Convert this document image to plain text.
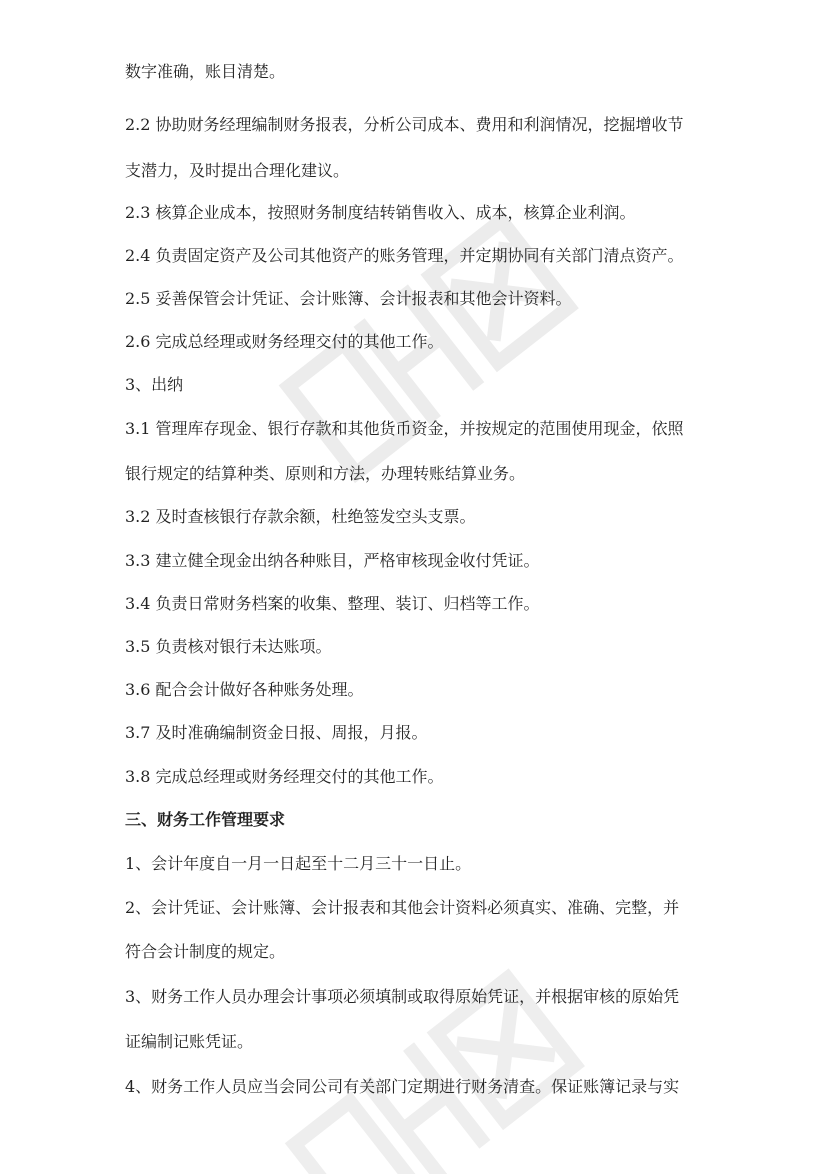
数字准确，账目清楚。

2.2 协助财务经理编制财务报表，分析公司成本、费用和利润情况，挖掘增收节

支潜力，及时提出合理化建议。

2.3 核算企业成本，按照财务制度结转销售收入、成本，核算企业利润。

2.4 负责固定资产及公司其他资产的账务管理，并定期协同有关部门清点资产。

2.5 妥善保管会计凭证、会计账簿、会计报表和其他会计资料。

2.6 完成总经理或财务经理交付的其他工作。

3、出纳

3.1 管理库存现金、银行存款和其他货币资金，并按规定的范围使用现金，依照

银行规定的结算种类、原则和方法，办理转账结算业务。

3.2 及时查核银行存款余额，杜绝签发空头支票。

3.3 建立健全现金出纳各种账目，严格审核现金收付凭证。

3.4 负责日常财务档案的收集、整理、装订、归档等工作。

3.5 负责核对银行未达账项。

3.6 配合会计做好各种账务处理。

3.7 及时准确编制资金日报、周报，月报。

3.8 完成总经理或财务经理交付的其他工作。

三、财务工作管理要求

1、会计年度自一月一日起至十二月三十一日止。

2、会计凭证、会计账簿、会计报表和其他会计资料必须真实、准确、完整，并

符合会计制度的规定。

3、财务工作人员办理会计事项必须填制或取得原始凭证，并根据审核的原始凭

证编制记账凭证。

4、财务工作人员应当会同公司有关部门定期进行财务清查。保证账簿记录与实
